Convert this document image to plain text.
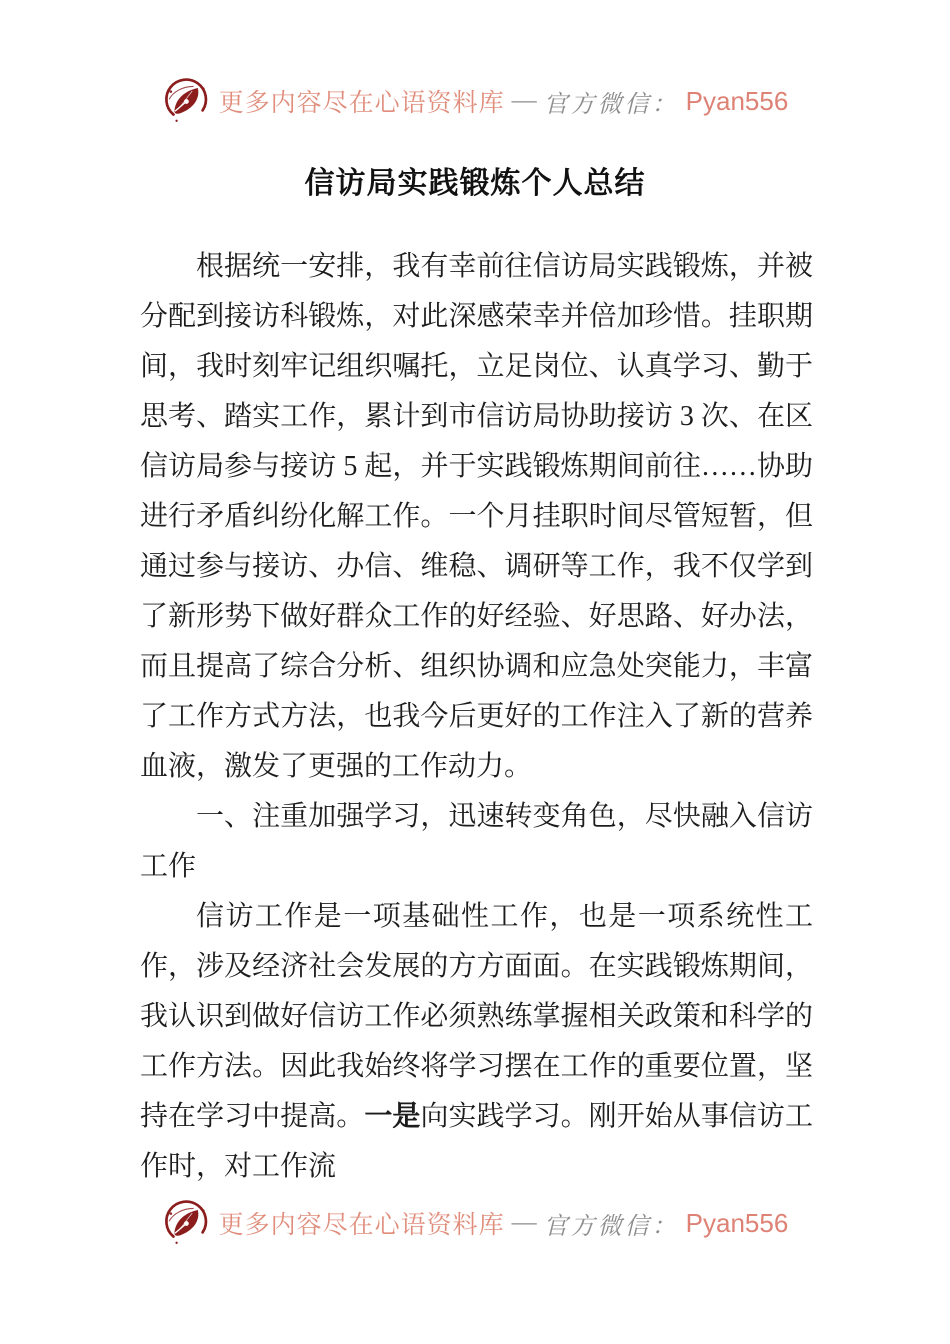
更多内容尽在心语资料库 — 官方微信： Pyan556
信访局实践锻炼个人总结

根据统一安排，我有幸前往信访局实践锻炼，并被分配到接访科锻炼，对此深感荣幸并倍加珍惜。挂职期间，我时刻牢记组织嘱托，立足岗位、认真学习、勤于思考、踏实工作，累计到市信访局协助接访 3 次、在区信访局参与接访 5 起，并于实践锻炼期间前往……协助进行矛盾纠纷化解工作。一个月挂职时间尽管短暂，但通过参与接访、办信、维稳、调研等工作，我不仅学到了新形势下做好群众工作的好经验、好思路、好办法，而且提高了综合分析、组织协调和应急处突能力，丰富了工作方式方法，也我今后更好的工作注入了新的营养血液，激发了更强的工作动力。

一、注重加强学习，迅速转变角色，尽快融入信访工作

信访工作是一项基础性工作，也是一项系统性工作，涉及经济社会发展的方方面面。在实践锻炼期间，我认识到做好信访工作必须熟练掌握相关政策和科学的工作方法。因此我始终将学习摆在工作的重要位置，坚持在学习中提高。一是向实践学习。刚开始从事信访工作时，对工作流

更多内容尽在心语资料库 — 官方微信： Pyan556
